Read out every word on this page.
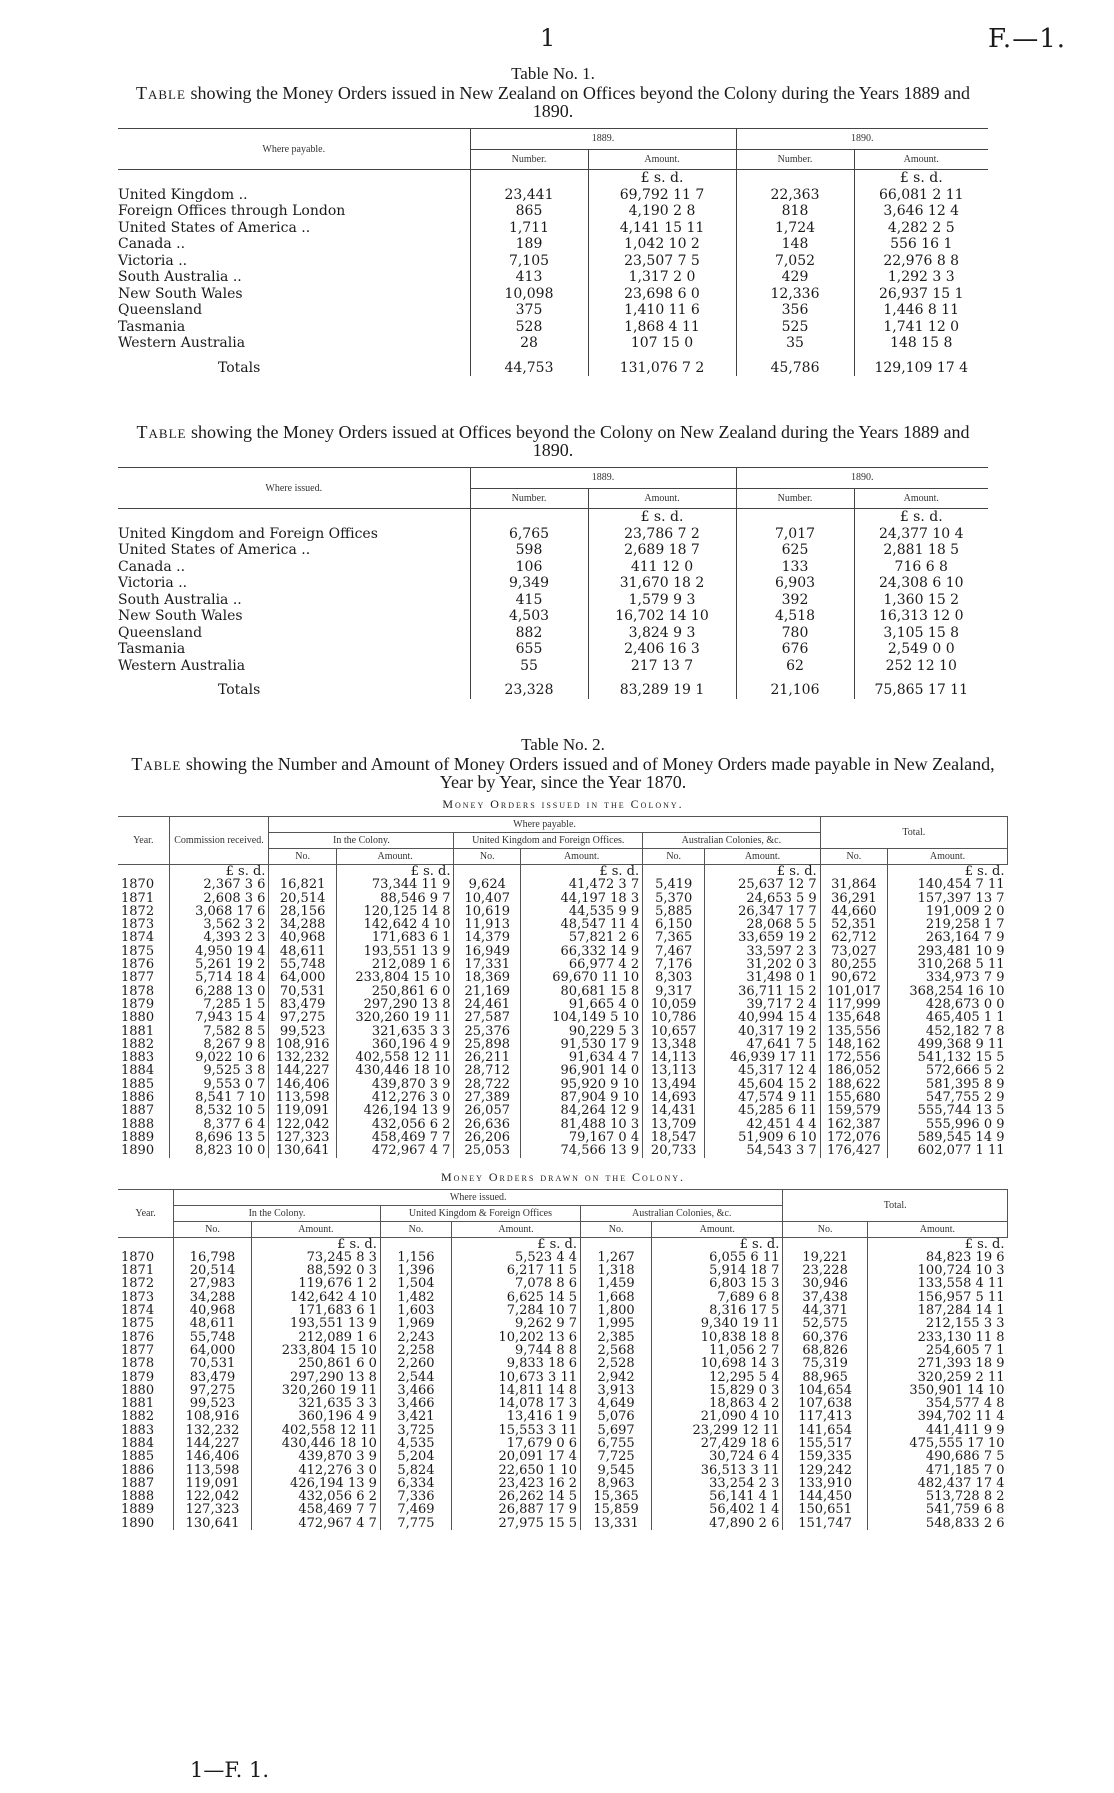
1	F.—1.
Table No. 1.
Table showing the Money Orders issued in New Zealand on Offices beyond the Colony during the Years 1889 and 1890.
Where payable.	1889.		1890.	
	Number.	Amount.	Number.	Amount.
		£ s. d.		£ s. d.
United Kingdom ..	23,441	69,792 11 7	22,363	66,081 2 11
Foreign Offices through London	865	4,190 2 8	818	3,646 12 4
United States of America ..	1,711	4,141 15 11	1,724	4,282 2 5
Canada ..	189	1,042 10 2	148	556 16 1
Victoria ..	7,105	23,507 7 5	7,052	22,976 8 8
South Australia ..	413	1,317 2 0	429	1,292 3 3
New South Wales	10,098	23,698 6 0	12,336	26,937 15 1
Queensland	375	1,410 11 6	356	1,446 8 11
Tasmania	528	1,868 4 11	525	1,741 12 0
Western Australia	28	107 15 0	35	148 15 8
Totals	44,753	131,076 7 2	45,786	129,109 17 4
Table showing the Money Orders issued at Offices beyond the Colony on New Zealand during the Years 1889 and 1890.
Where issued.	1889.		1890.	
	Number.	Amount.	Number.	Amount.
		£ s. d.		£ s. d.
United Kingdom and Foreign Offices	6,765	23,786 7 2	7,017	24,377 10 4
United States of America ..	598	2,689 18 7	625	2,881 18 5
Canada ..	106	411 12 0	133	716 6 8
Victoria ..	9,349	31,670 18 2	6,903	24,308 6 10
South Australia ..	415	1,579 9 3	392	1,360 15 2
New South Wales	4,503	16,702 14 10	4,518	16,313 12 0
Queensland	882	3,824 9 3	780	3,105 15 8
Tasmania	655	2,406 16 3	676	2,549 0 0
Western Australia	55	217 13 7	62	252 12 10
Totals	23,328	83,289 19 1	21,106	75,865 17 11
Table No. 2.
Table showing the Number and Amount of Money Orders issued and of Money Orders made payable in New Zealand, Year by Year, since the Year 1870.
Money Orders issued in the Colony.
Year.	Commission received.	Where payable.						Total.	
		In the Colony.		United Kingdom and Foreign Offices.		Australian Colonies, &c.			
		No.	Amount.	No.	Amount.	No.	Amount.	No.	Amount.
	£ s. d.		£ s. d.		£ s. d.		£ s. d.		£ s. d.
1870	2,367 3 6	16,821	73,344 11 9	9,624	41,472 3 7	5,419	25,637 12 7	31,864	140,454 7 11
1871	2,608 3 6	20,514	88,546 9 7	10,407	44,197 18 3	5,370	24,653 5 9	36,291	157,397 13 7
1872	3,068 17 6	28,156	120,125 14 8	10,619	44,535 9 9	5,885	26,347 17 7	44,660	191,009 2 0
1873	3,562 3 2	34,288	142,642 4 10	11,913	48,547 11 4	6,150	28,068 5 5	52,351	219,258 1 7
1874	4,393 2 3	40,968	171,683 6 1	14,379	57,821 2 6	7,365	33,659 19 2	62,712	263,164 7 9
1875	4,950 19 4	48,611	193,551 13 9	16,949	66,332 14 9	7,467	33,597 2 3	73,027	293,481 10 9
1876	5,261 19 2	55,748	212,089 1 6	17,331	66,977 4 2	7,176	31,202 0 3	80,255	310,268 5 11
1877	5,714 18 4	64,000	233,804 15 10	18,369	69,670 11 10	8,303	31,498 0 1	90,672	334,973 7 9
1878	6,288 13 0	70,531	250,861 6 0	21,169	80,681 15 8	9,317	36,711 15 2	101,017	368,254 16 10
1879	7,285 1 5	83,479	297,290 13 8	24,461	91,665 4 0	10,059	39,717 2 4	117,999	428,673 0 0
1880	7,943 15 4	97,275	320,260 19 11	27,587	104,149 5 10	10,786	40,994 15 4	135,648	465,405 1 1
1881	7,582 8 5	99,523	321,635 3 3	25,376	90,229 5 3	10,657	40,317 19 2	135,556	452,182 7 8
1882	8,267 9 8	108,916	360,196 4 9	25,898	91,530 17 9	13,348	47,641 7 5	148,162	499,368 9 11
1883	9,022 10 6	132,232	402,558 12 11	26,211	91,634 4 7	14,113	46,939 17 11	172,556	541,132 15 5
1884	9,525 3 8	144,227	430,446 18 10	28,712	96,901 14 0	13,113	45,317 12 4	186,052	572,666 5 2
1885	9,553 0 7	146,406	439,870 3 9	28,722	95,920 9 10	13,494	45,604 15 2	188,622	581,395 8 9
1886	8,541 7 10	113,598	412,276 3 0	27,389	87,904 9 10	14,693	47,574 9 11	155,680	547,755 2 9
1887	8,532 10 5	119,091	426,194 13 9	26,057	84,264 12 9	14,431	45,285 6 11	159,579	555,744 13 5
1888	8,377 6 4	122,042	432,056 6 2	26,636	81,488 10 3	13,709	42,451 4 4	162,387	555,996 0 9
1889	8,696 13 5	127,323	458,469 7 7	26,206	79,167 0 4	18,547	51,909 6 10	172,076	589,545 14 9
1890	8,823 10 0	130,641	472,967 4 7	25,053	74,566 13 9	20,733	54,543 3 7	176,427	602,077 1 11
Money Orders drawn on the Colony.
Year.	Where issued.						Total.	
	In the Colony.		United Kingdom & Foreign Offices		Australian Colonies, &c.			
	No.	Amount.	No.	Amount.	No.	Amount.	No.	Amount.
		£ s. d.		£ s. d.		£ s. d.		£ s. d.
1870	16,798	73,245 8 3	1,156	5,523 4 4	1,267	6,055 6 11	19,221	84,823 19 6
1871	20,514	88,592 0 3	1,396	6,217 11 5	1,318	5,914 18 7	23,228	100,724 10 3
1872	27,983	119,676 1 2	1,504	7,078 8 6	1,459	6,803 15 3	30,946	133,558 4 11
1873	34,288	142,642 4 10	1,482	6,625 14 5	1,668	7,689 6 8	37,438	156,957 5 11
1874	40,968	171,683 6 1	1,603	7,284 10 7	1,800	8,316 17 5	44,371	187,284 14 1
1875	48,611	193,551 13 9	1,969	9,262 9 7	1,995	9,340 19 11	52,575	212,155 3 3
1876	55,748	212,089 1 6	2,243	10,202 13 6	2,385	10,838 18 8	60,376	233,130 11 8
1877	64,000	233,804 15 10	2,258	9,744 8 8	2,568	11,056 2 7	68,826	254,605 7 1
1878	70,531	250,861 6 0	2,260	9,833 18 6	2,528	10,698 14 3	75,319	271,393 18 9
1879	83,479	297,290 13 8	2,544	10,673 3 11	2,942	12,295 5 4	88,965	320,259 2 11
1880	97,275	320,260 19 11	3,466	14,811 14 8	3,913	15,829 0 3	104,654	350,901 14 10
1881	99,523	321,635 3 3	3,466	14,078 17 3	4,649	18,863 4 2	107,638	354,577 4 8
1882	108,916	360,196 4 9	3,421	13,416 1 9	5,076	21,090 4 10	117,413	394,702 11 4
1883	132,232	402,558 12 11	3,725	15,553 3 11	5,697	23,299 12 11	141,654	441,411 9 9
1884	144,227	430,446 18 10	4,535	17,679 0 6	6,755	27,429 18 6	155,517	475,555 17 10
1885	146,406	439,870 3 9	5,204	20,091 17 4	7,725	30,724 6 4	159,335	490,686 7 5
1886	113,598	412,276 3 0	5,824	22,650 1 10	9,545	36,513 3 11	129,242	471,185 7 0
1887	119,091	426,194 13 9	6,334	23,423 16 2	8,963	33,254 2 3	133,910	482,437 17 4
1888	122,042	432,056 6 2	7,336	26,262 14 5	15,365	56,141 4 1	144,450	513,728 8 2
1889	127,323	458,469 7 7	7,469	26,887 17 9	15,859	56,402 1 4	150,651	541,759 6 8
1890	130,641	472,967 4 7	7,775	27,975 15 5	13,331	47,890 2 6	151,747	548,833 2 6
1—F. 1.
